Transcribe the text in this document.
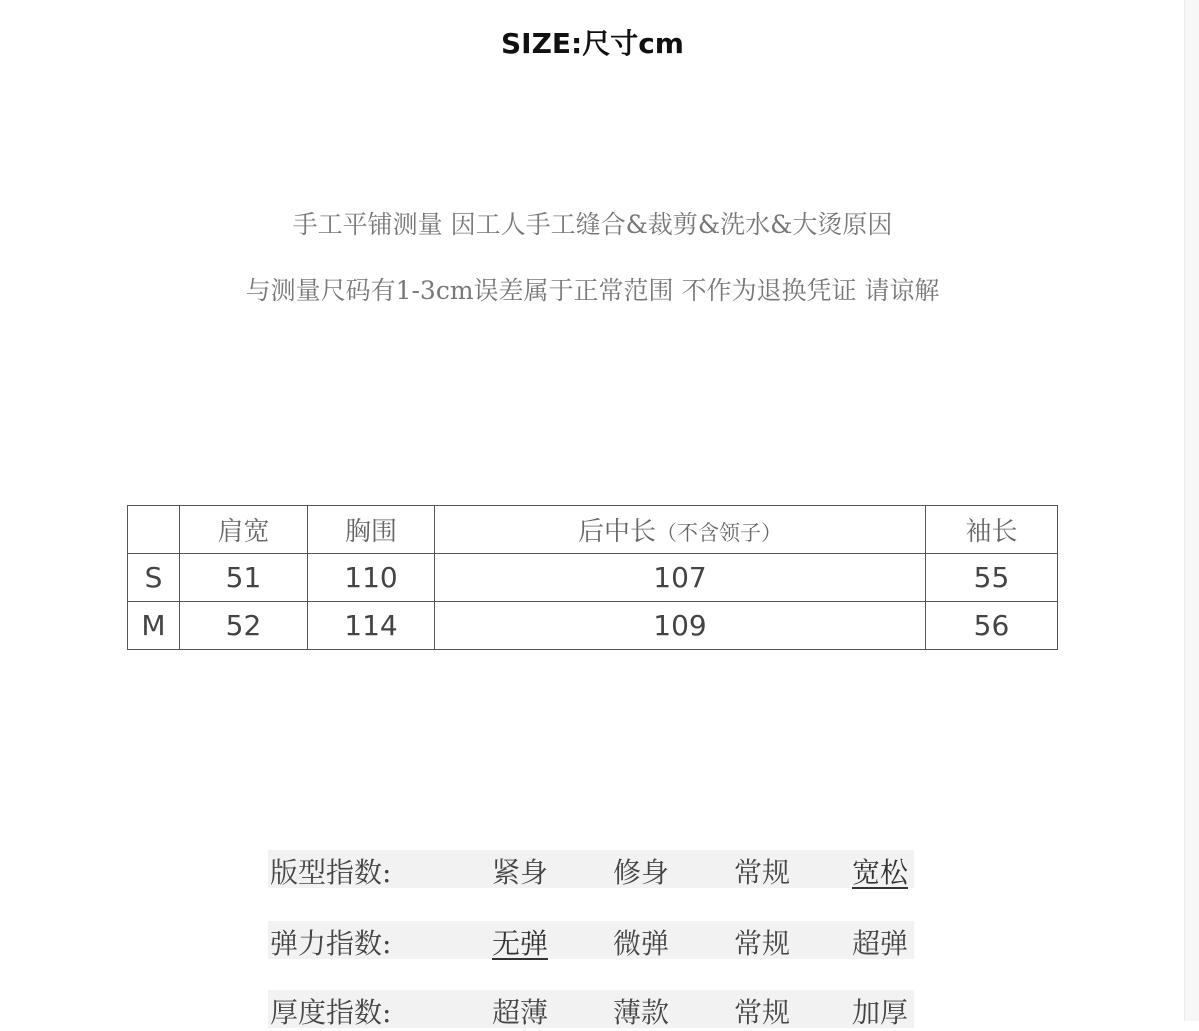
SIZE:尺寸cm
手工平铺测量 因工人手工缝合&裁剪&洗水&大烫原因
与测量尺码有1-3cm误差属于正常范围 不作为退换凭证 请谅解
	肩宽	胸围	后中长（不含领子）	袖长
S	51	110	107	55
M	52	114	109	56
版型指数:	紧身 修身 常规 宽松
弹力指数:	无弹 微弹 常规 超弹
厚度指数:	超薄 薄款 常规 加厚
